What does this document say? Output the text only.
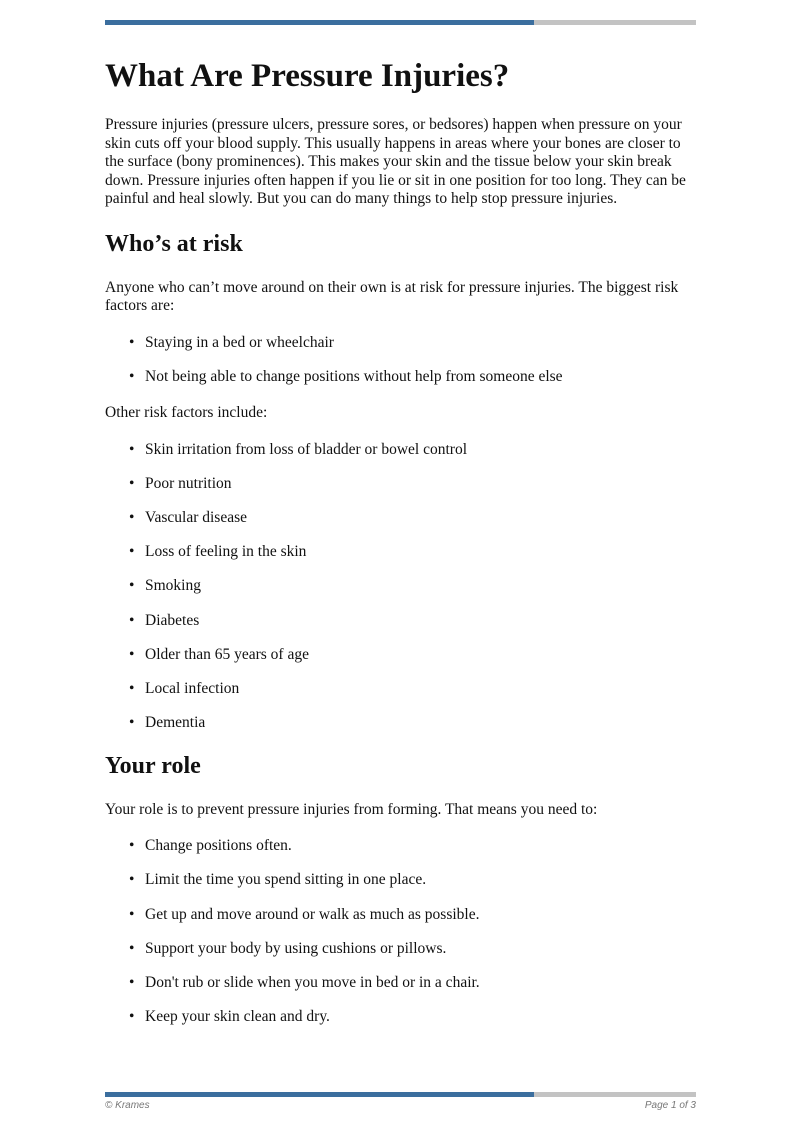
What Are Pressure Injuries?

Pressure injuries (pressure ulcers, pressure sores, or bedsores) happen when pressure on your skin cuts off your blood supply. This usually happens in areas where your bones are closer to the surface (bony prominences). This makes your skin and the tissue below your skin break down. Pressure injuries often happen if you lie or sit in one position for too long. They can be painful and heal slowly. But you can do many things to help stop pressure injuries.

Who’s at risk

Anyone who can’t move around on their own is at risk for pressure injuries. The biggest risk factors are:

• Staying in a bed or wheelchair
• Not being able to change positions without help from someone else

Other risk factors include:

• Skin irritation from loss of bladder or bowel control
• Poor nutrition
• Vascular disease
• Loss of feeling in the skin
• Smoking
• Diabetes
• Older than 65 years of age
• Local infection
• Dementia
Your role

Your role is to prevent pressure injuries from forming. That means you need to:

• Change positions often.
• Limit the time you spend sitting in one place.
• Get up and move around or walk as much as possible.
• Support your body by using cushions or pillows.
• Don't rub or slide when you move in bed or in a chair.
• Keep your skin clean and dry.
© Krames	Page 1 of 3
